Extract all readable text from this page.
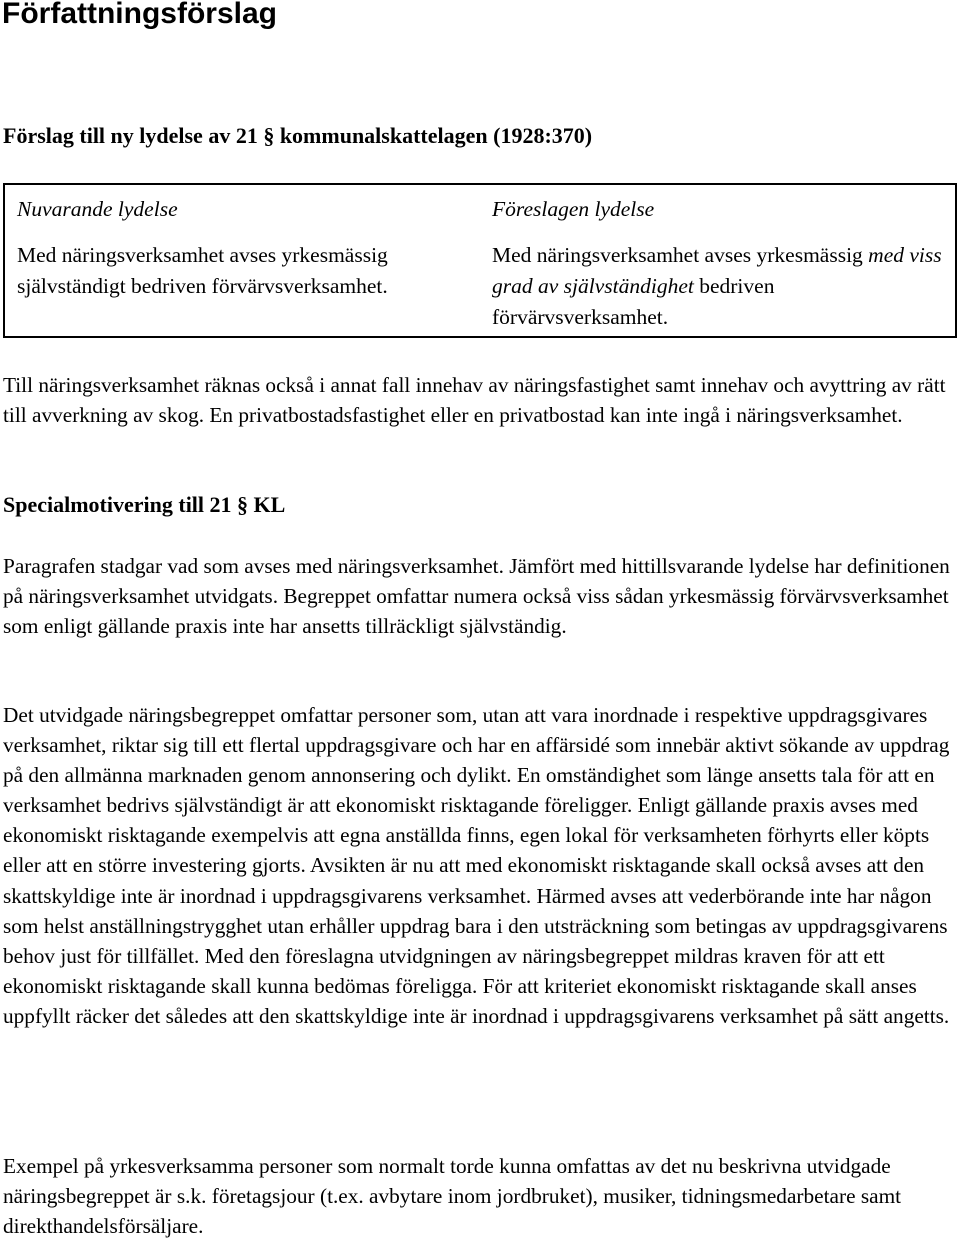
Författningsförslag
Förslag till ny lydelse av 21 § kommunalskattelagen (1928:370)
Nuvarande lydelse

Med näringsverksamhet avses yrkesmässig självständigt bedriven förvärvsverksamhet.

Föreslagen lydelse

Med näringsverksamhet avses yrkesmässig med viss grad av självständighet bedriven förvärvsverksamhet.

Till näringsverksamhet räknas också i annat fall innehav av näringsfastighet samt innehav och avyttring av rätt till avverkning av skog. En privatbostadsfastighet eller en privatbostad kan inte ingå i näringsverksamhet.

Specialmotivering till 21 § KL

Paragrafen stadgar vad som avses med näringsverksamhet. Jämfört med hittillsvarande lydelse har definitionen på näringsverksamhet utvidgats. Begreppet omfattar numera också viss sådan yrkesmässig förvärvsverksamhet som enligt gällande praxis inte har ansetts tillräckligt självständig.

Det utvidgade näringsbegreppet omfattar personer som, utan att vara inordnade i respektive uppdragsgivares verksamhet, riktar sig till ett flertal uppdragsgivare och har en affärsidé som innebär aktivt sökande av uppdrag på den allmänna marknaden genom annonsering och dylikt. En omständighet som länge ansetts tala för att en verksamhet bedrivs självständigt är att ekonomiskt risktagande föreligger. Enligt gällande praxis avses med ekonomiskt risktagande exempelvis att egna anställda finns, egen lokal för verksamheten förhyrts eller köpts eller att en större investering gjorts. Avsikten är nu att med ekonomiskt risktagande skall också avses att den skattskyldige inte är inordnad i uppdragsgivarens verksamhet. Härmed avses att vederbörande inte har någon som helst anställningstrygghet utan erhåller uppdrag bara i den utsträckning som betingas av uppdragsgivarens behov just för tillfället. Med den föreslagna utvidgningen av näringsbegreppet mildras kraven för att ett ekonomiskt risktagande skall kunna bedömas föreligga. För att kriteriet ekonomiskt risktagande skall anses uppfyllt räcker det således att den skattskyldige inte är inordnad i uppdragsgivarens verksamhet på sätt angetts.

Exempel på yrkesverksamma personer som normalt torde kunna omfattas av det nu beskrivna utvidgade näringsbegreppet är s.k. företagsjour (t.ex. avbytare inom jordbruket), musiker, tidningsmedarbetare samt direkthandelsförsäljare.
